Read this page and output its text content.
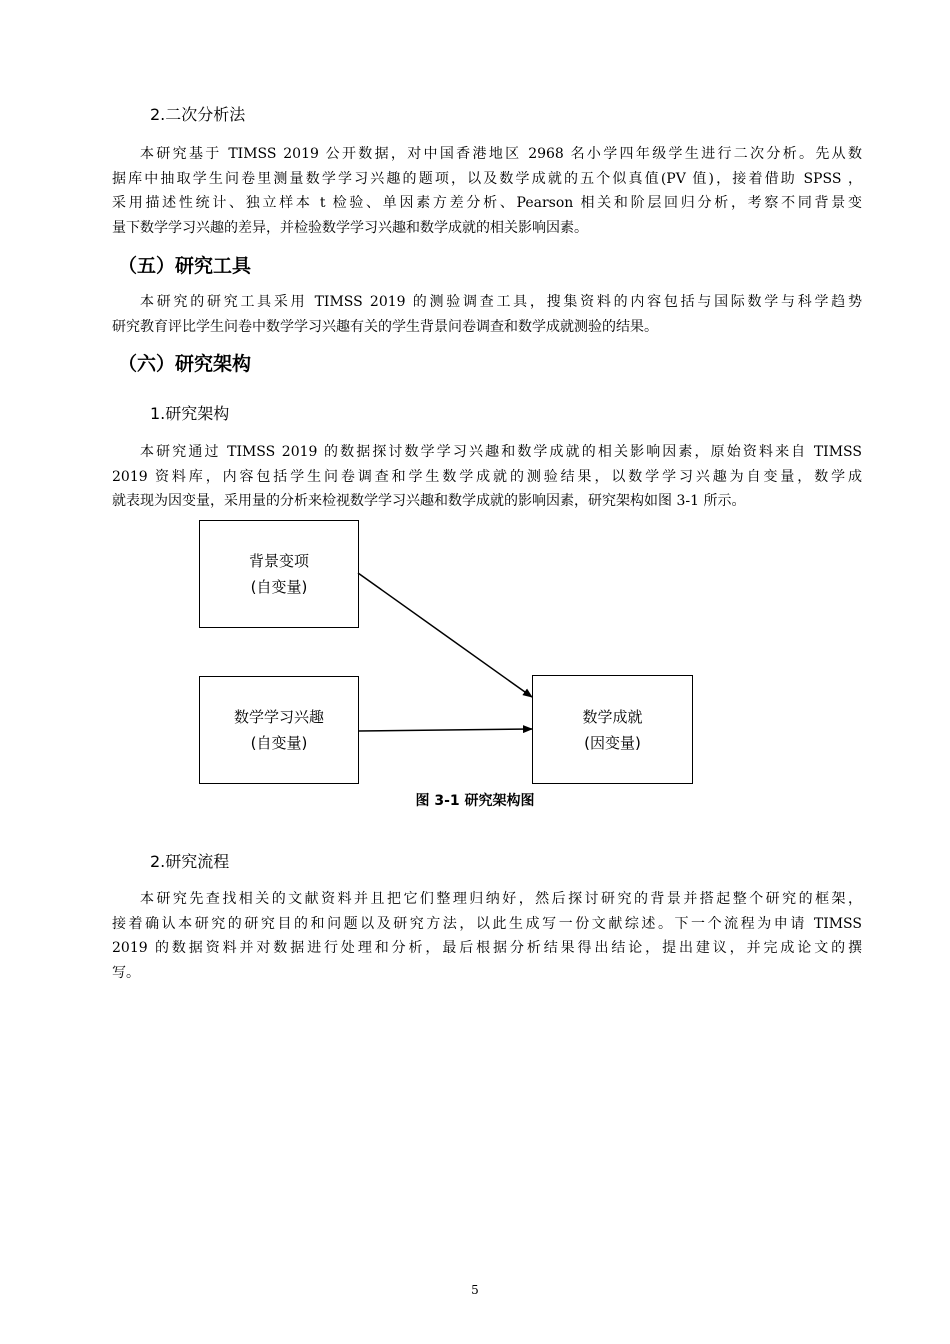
2.二次分析法
本研究基于 TIMSS 2019 公开数据，对中国香港地区 2968 名小学四年级学生进行二次分析。先从数
据库中抽取学生问卷里测量数学学习兴趣的题项，以及数学成就的五个似真值(PV 值)，接着借助 SPSS ，
采用描述性统计、独立样本 t 检验、单因素方差分析、Pearson 相关和阶层回归分析，考察不同背景变
量下数学学习兴趣的差异，并检验数学学习兴趣和数学成就的相关影响因素。
（五）研究工具
本研究的研究工具采用 TIMSS 2019 的测验调查工具，搜集资料的内容包括与国际数学与科学趋势
研究教育评比学生问卷中数学学习兴趣有关的学生背景问卷调查和数学成就测验的结果。
（六）研究架构
1.研究架构
本研究通过 TIMSS 2019 的数据探讨数学学习兴趣和数学成就的相关影响因素，原始资料来自 TIMSS
2019 资料库，内容包括学生问卷调查和学生数学成就的测验结果，以数学学习兴趣为自变量，数学成
就表现为因变量，采用量的分析来检视数学学习兴趣和数学成就的影响因素，研究架构如图 3-1 所示。
背景变项
(自变量)
数学学习兴趣
(自变量)
数学成就
(因变量)
图 3-1 研究架构图
2.研究流程
本研究先查找相关的文献资料并且把它们整理归纳好，然后探讨研究的背景并搭起整个研究的框架，
接着确认本研究的研究目的和问题以及研究方法，以此生成写一份文献综述。下一个流程为申请 TIMSS
2019 的数据资料并对数据进行处理和分析，最后根据分析结果得出结论，提出建议，并完成论文的撰
写。
5
